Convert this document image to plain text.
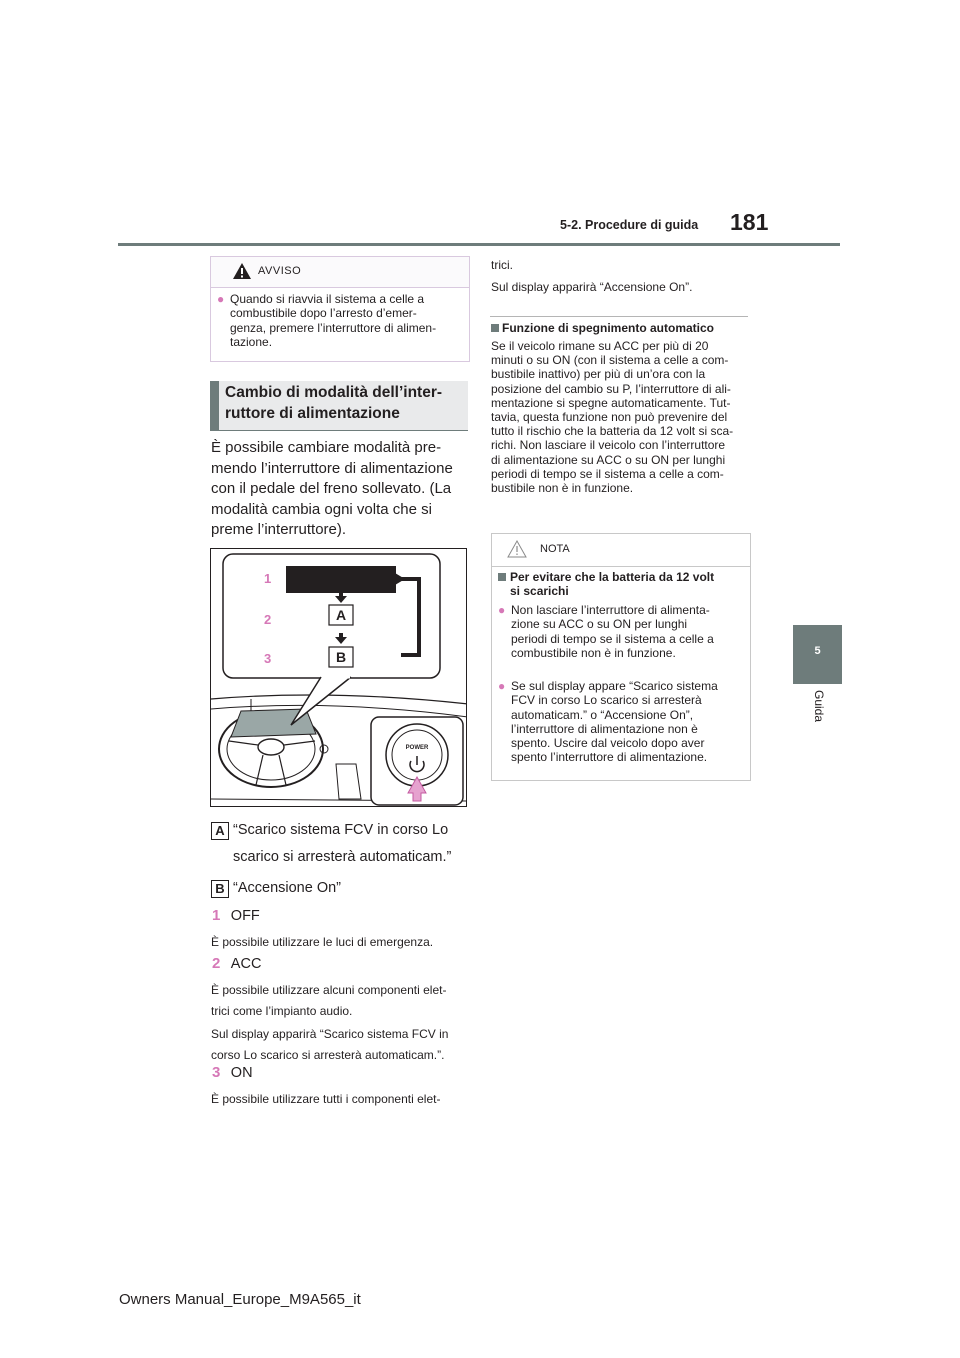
5-2. Procedure di guida 181
5
Guida
AVVISO
● Quando si riavvia il sistema a celle a
combustibile dopo l’arresto d’emer-
genza, premere l’interruttore di alimen-
tazione.
Cambio di modalità dell’inter-
ruttore di alimentazione
È possibile cambiare modalità pre-
mendo l’interruttore di alimentazione
con il pedale del freno sollevato. (La
modalità cambia ogni volta che si
preme l’interruttore).
1
2
3
A
B
POWER
A “Scarico sistema FCV in corso Lo
scarico si arresterà automaticam.”
B “Accensione On”
1 OFF
È possibile utilizzare le luci di emergenza.
2 ACC
È possibile utilizzare alcuni componenti elet-
trici come l’impianto audio.
Sul display apparirà “Scarico sistema FCV in
corso Lo scarico si arresterà automaticam.”.
3 ON
È possibile utilizzare tutti i componenti elet-
trici.
Sul display apparirà “Accensione On”.
Funzione di spegnimento automatico
Se il veicolo rimane su ACC per più di 20
minuti o su ON (con il sistema a celle a com-
bustibile inattivo) per più di un’ora con la
posizione del cambio su P, l’interruttore di ali-
mentazione si spegne automaticamente. Tut-
tavia, questa funzione non può prevenire del
tutto il rischio che la batteria da 12 volt si sca-
richi. Non lasciare il veicolo con l’interruttore
di alimentazione su ACC o su ON per lunghi
periodi di tempo se il sistema a celle a com-
bustibile non è in funzione.
NOTA
Per evitare che la batteria da 12 volt
si scarichi
● Non lasciare l’interruttore di alimenta-
zione su ACC o su ON per lunghi
periodi di tempo se il sistema a celle a
combustibile non è in funzione.
● Se sul display appare “Scarico sistema
FCV in corso Lo scarico si arresterà
automaticam.” o “Accensione On”,
l’interruttore di alimentazione non è
spento. Uscire dal veicolo dopo aver
spento l’interruttore di alimentazione.
Owners Manual_Europe_M9A565_it
